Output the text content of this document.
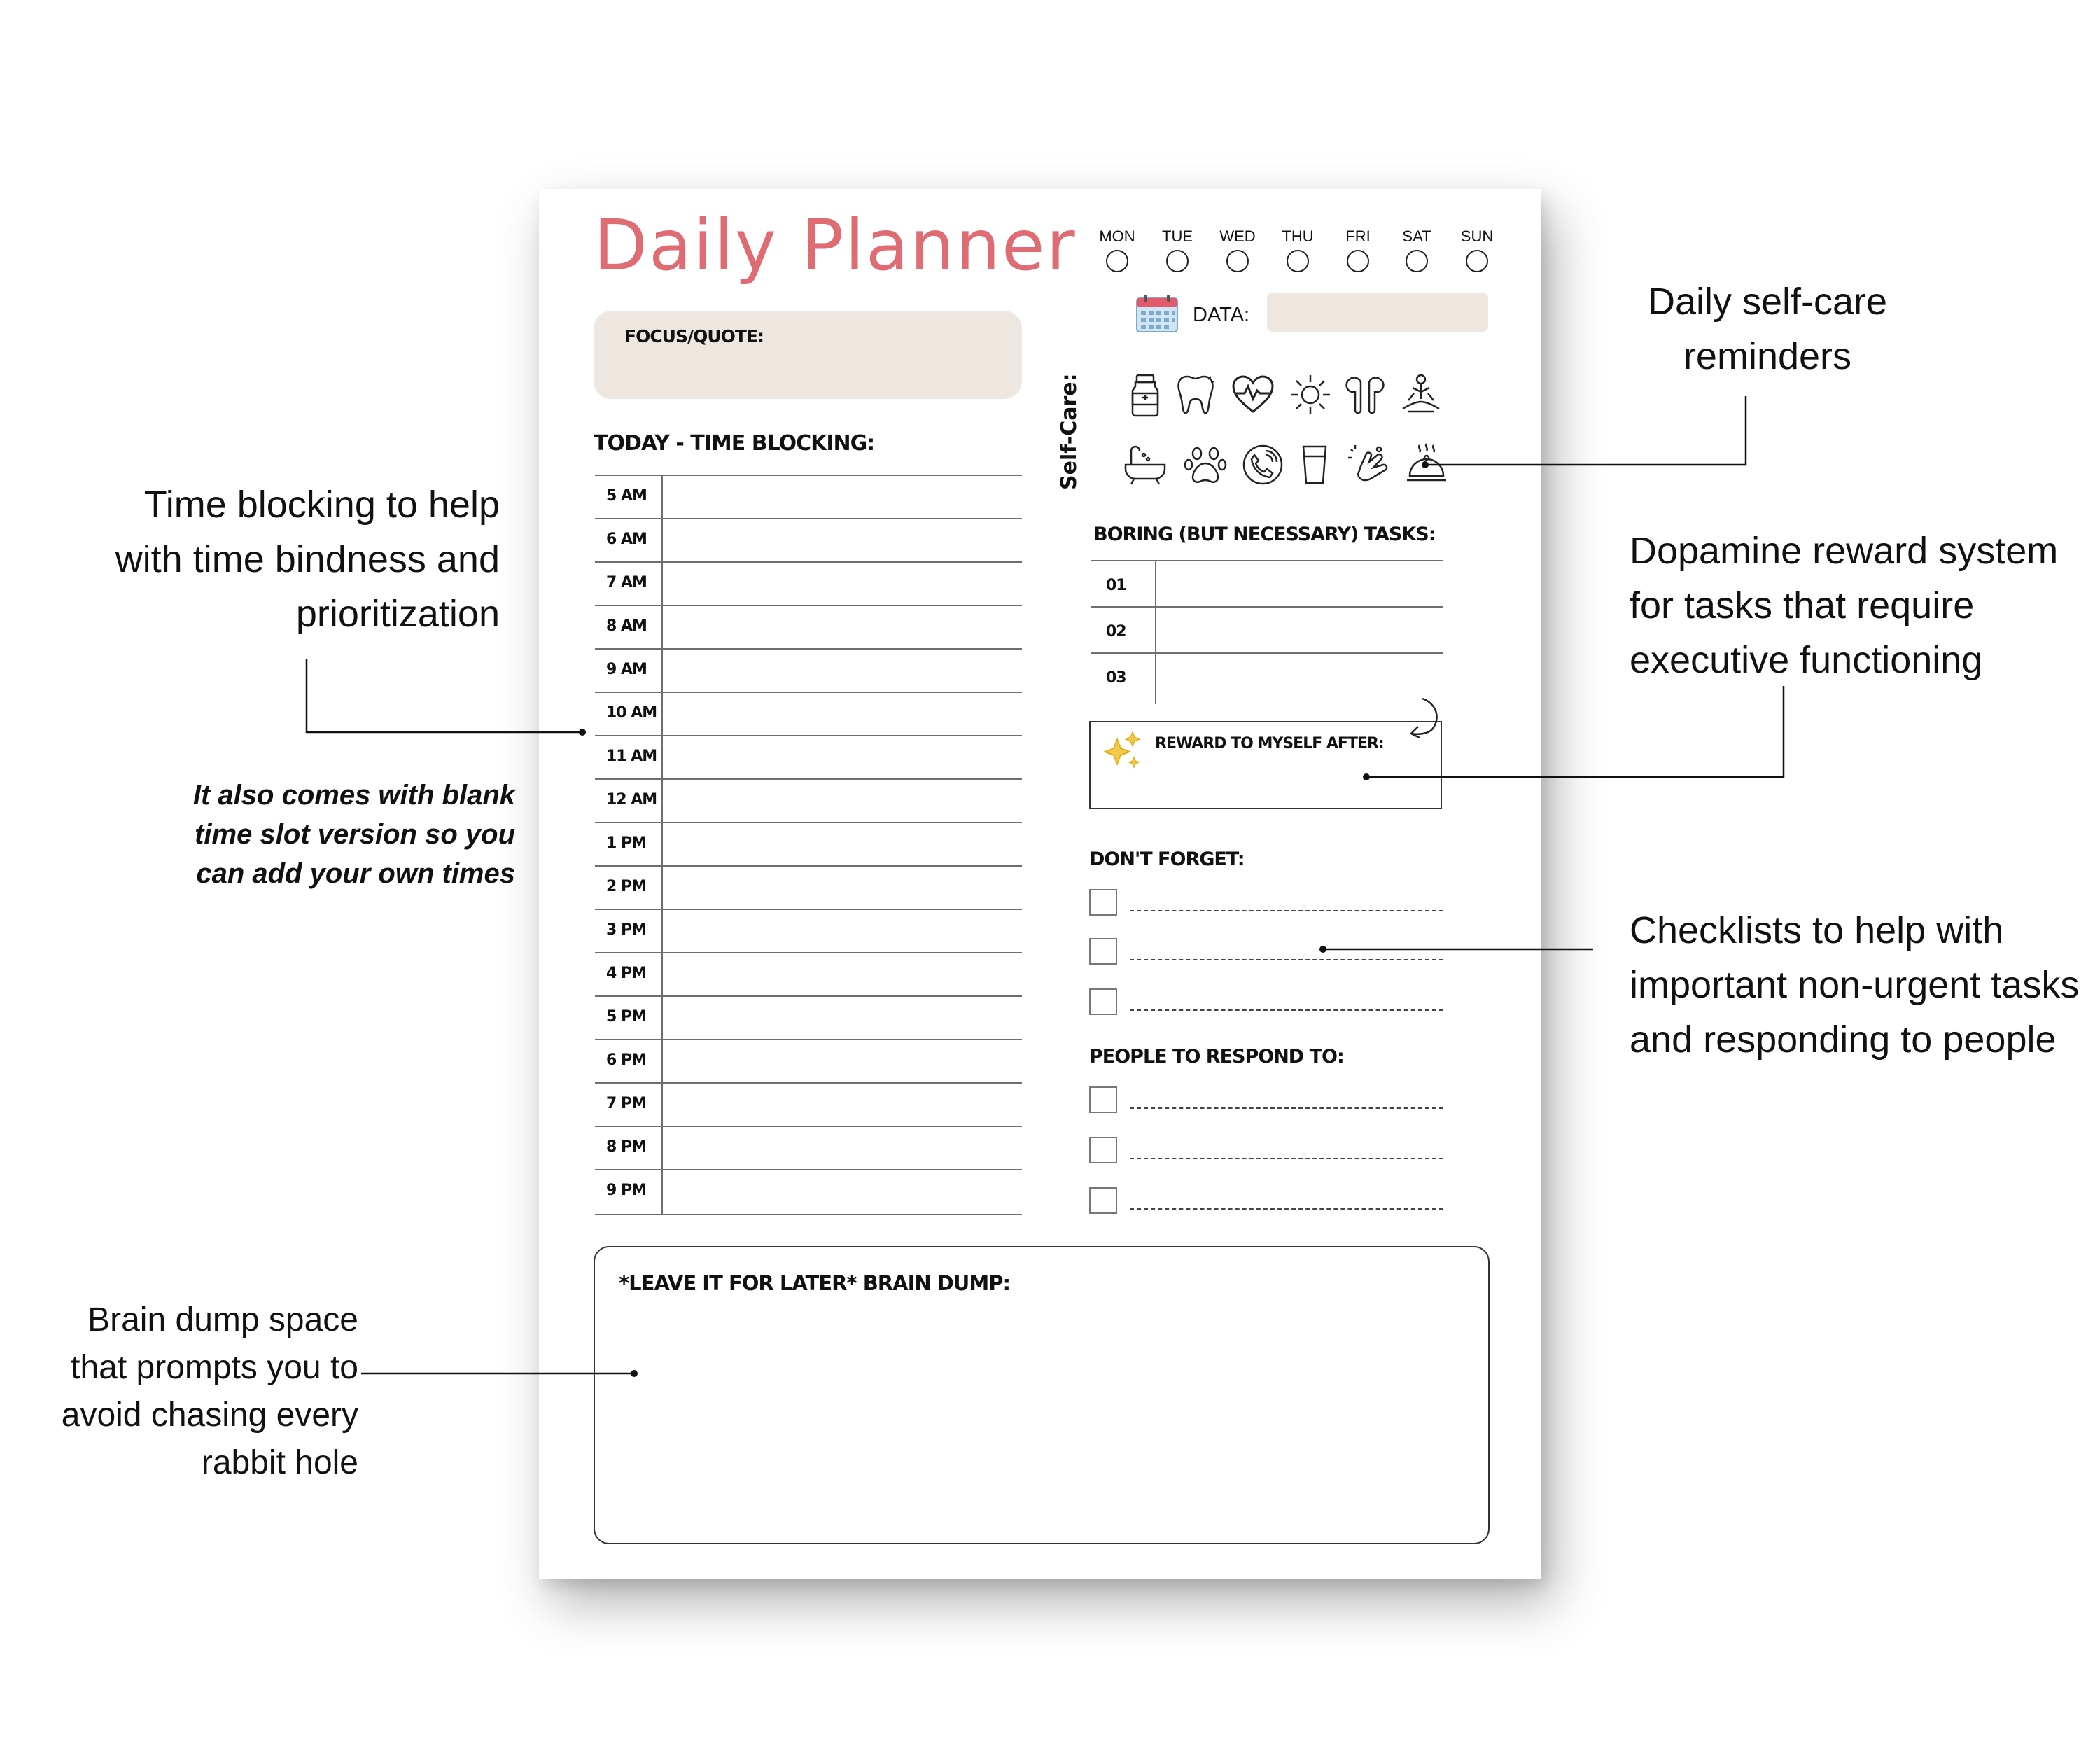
Daily Planner
FOCUS/QUOTE:
TODAY - TIME BLOCKING:
5 AM
6 AM
7 AM
8 AM
9 AM
10 AM
11 AM
12 AM
1 PM
2 PM
3 PM
4 PM
5 PM
6 PM
7 PM
8 PM
9 PM
MON	TUE	WED	THU	FRI	SAT	SUN
DATA:
Self-Care:
BORING (BUT NECESSARY) TASKS:
01
02
03
REWARD TO MYSELF AFTER:
DON'T FORGET:
PEOPLE TO RESPOND TO:
*LEAVE IT FOR LATER* BRAIN DUMP:
Time blocking to help
with time bindness and
prioritization
It also comes with blank
time slot version so you
can add your own times
Brain dump space
that prompts you to
avoid chasing every
rabbit hole
Daily self-care
reminders
Dopamine reward system
for tasks that require
executive functioning
Checklists to help with
important non-urgent tasks
and responding to people
